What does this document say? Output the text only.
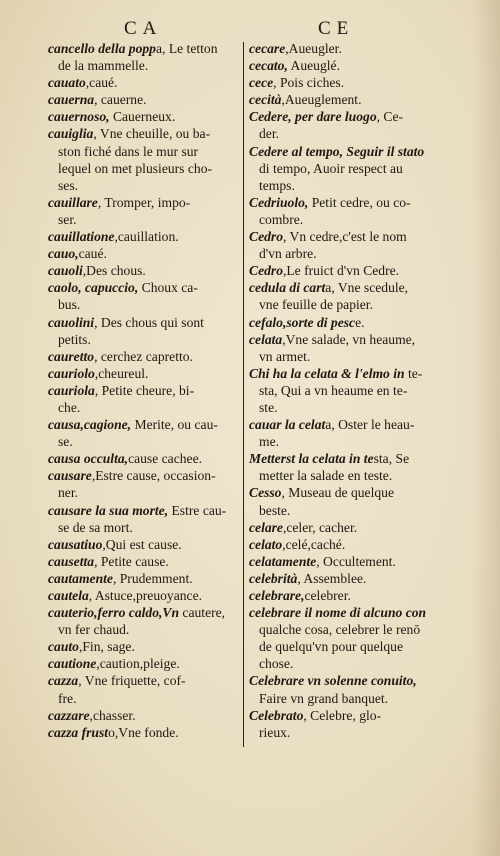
CA	CE
cancello della poppa, Le tetton
de la mammelle.
cauato,caué.
cauerna, cauerne.
cauernoso, Cauerneux.
cauiglia, Vne cheuille, ou ba-
ston fiché dans le mur sur
lequel on met plusieurs cho-
ses.
cauillare, Tromper, impo-
ser.
cauillatione,cauillation.
cauo,caué.
cauoli,Des chous.
caolo, capuccio, Choux ca-
bus.
cauolini, Des chous qui sont
petits.
cauretto, cerchez capretto.
cauriolo,cheureul.
cauriola, Petite cheure, bi-
che.
causa,cagione, Merite, ou cau-
se.
causa occulta,cause cachee.
causare,Estre cause, occasion-
ner.
causare la sua morte, Estre cau-
se de sa mort.
causatiuo,Qui est cause.
causetta, Petite cause.
cautamente, Prudemment.
cautela, Astuce,preuoyance.
cauterio,ferro caldo,Vn cautere,
vn fer chaud.
cauto,Fin, sage.
cautione,caution,pleige.
cazza, Vne friquette, cof-
fre.
cazzare,chasser.
cazza frusto,Vne fonde.
cecare,Aueugler.
cecato, Aueuglé.
cece, Pois ciches.
cecità,Aueuglement.
Cedere, per dare luogo, Ce-
der.
Cedere al tempo, Seguir il stato
di tempo, Auoir respect au
temps.
Cedriuolo, Petit cedre, ou co-
combre.
Cedro, Vn cedre,c'est le nom
d'vn arbre.
Cedro,Le fruict d'vn Cedre.
cedula di carta, Vne scedule,
vne feuille de papier.
cefalo,sorte di pesce.
celata,Vne salade, vn heaume,
vn armet.
Chi ha la celata & l'elmo in te-
sta, Qui a vn heaume en te-
ste.
cauar la celata, Oster le heau-
me.
Metterst la celata in testa, Se
metter la salade en teste.
Cesso, Museau de quelque
beste.
celare,celer, cacher.
celato,celé,caché.
celatamente, Occultement.
celebrità, Assemblee.
celebrare,celebrer.
celebrare il nome di alcuno con
qualche cosa, celebrer le renō
de quelqu'vn pour quelque
chose.
Celebrare vn solenne conuito,
Faire vn grand banquet.
Celebrato, Celebre, glo-
rieux.
